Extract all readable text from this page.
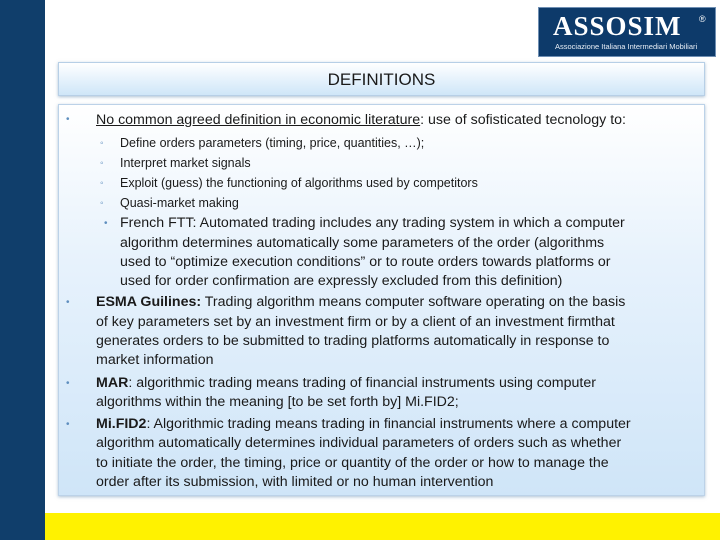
ASSOSIM ®
Associazione Italiana Intermediari Mobiliari
DEFINITIONS
• No common agreed definition in economic literature: use of sofisticated tecnology to:
◦ Define orders parameters (timing, price, quantities, …);
◦ Interpret market signals
◦ Exploit (guess) the functioning of algorithms used by competitors
◦ Quasi-market making
• French FTT: Automated trading includes any trading system in which a computer
algorithm determines automatically some parameters of the order (algorithms
used to “optimize execution conditions” or to route orders towards platforms or
used for order confirmation are expressly excluded from this definition)
• ESMA Guilines: Trading algorithm means computer software operating on the basis
of key parameters set by an investment firm or by a client of an investment firmthat
generates orders to be submitted to trading platforms automatically in response to
market information
• MAR: algorithmic trading means trading of financial instruments using computer
algorithms within the meaning [to be set forth by] Mi.FID2;
• Mi.FID2: Algorithmic trading means trading in financial instruments where a computer
algorithm automatically determines individual parameters of orders such as whether
to initiate the order, the timing, price or quantity of the order or how to manage the
order after its submission, with limited or no human intervention
